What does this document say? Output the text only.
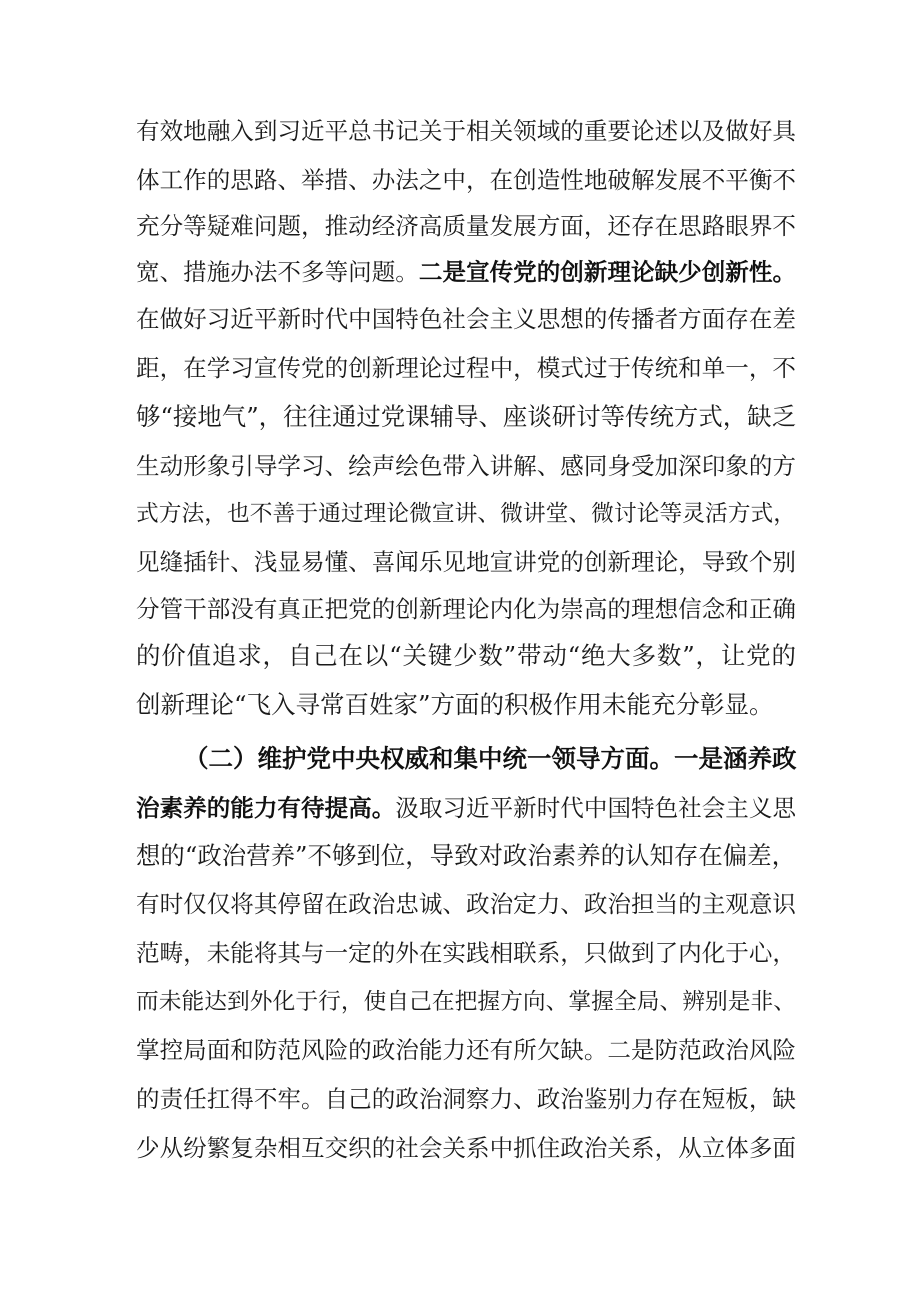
有效地融入到习近平总书记关于相关领域的重要论述以及做好具
体工作的思路、举措、办法之中，在创造性地破解发展不平衡不
充分等疑难问题，推动经济高质量发展方面，还存在思路眼界不
宽、措施办法不多等问题。二是宣传党的创新理论缺少创新性。
在做好习近平新时代中国特色社会主义思想的传播者方面存在差
距，在学习宣传党的创新理论过程中，模式过于传统和单一，不
够“接地气”，往往通过党课辅导、座谈研讨等传统方式，缺乏
生动形象引导学习、绘声绘色带入讲解、感同身受加深印象的方
式方法，也不善于通过理论微宣讲、微讲堂、微讨论等灵活方式，
见缝插针、浅显易懂、喜闻乐见地宣讲党的创新理论，导致个别
分管干部没有真正把党的创新理论内化为崇高的理想信念和正确
的价值追求，自己在以“关键少数”带动“绝大多数”，让党的
创新理论“飞入寻常百姓家”方面的积极作用未能充分彰显。
（二）维护党中央权威和集中统一领导方面。一是涵养政
治素养的能力有待提高。汲取习近平新时代中国特色社会主义思
想的“政治营养”不够到位，导致对政治素养的认知存在偏差，
有时仅仅将其停留在政治忠诚、政治定力、政治担当的主观意识
范畴，未能将其与一定的外在实践相联系，只做到了内化于心，
而未能达到外化于行，使自己在把握方向、掌握全局、辨别是非、
掌控局面和防范风险的政治能力还有所欠缺。二是防范政治风险
的责任扛得不牢。自己的政治洞察力、政治鉴别力存在短板，缺
少从纷繁复杂相互交织的社会关系中抓住政治关系，从立体多面
